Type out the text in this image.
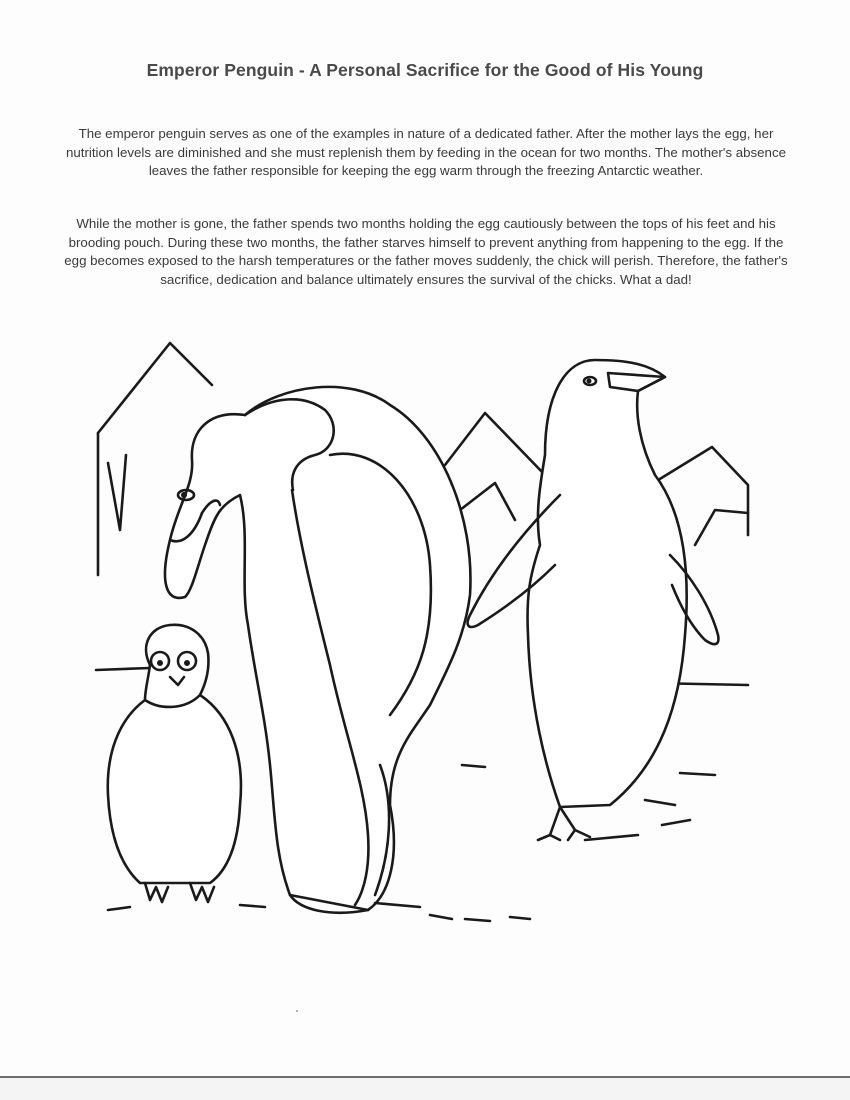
Emperor Penguin - A Personal Sacrifice for the Good of His Young

The emperor penguin serves as one of the examples in nature of a dedicated father. After the mother lays the egg, her nutrition levels are diminished and she must replenish them by feeding in the ocean for two months. The mother's absence leaves the father responsible for keeping the egg warm through the freezing Antarctic weather.

While the mother is gone, the father spends two months holding the egg cautiously between the tops of his feet and his brooding pouch. During these two months, the father starves himself to prevent anything from happening to the egg. If the egg becomes exposed to the harsh temperatures or the father moves suddenly, the chick will perish. Therefore, the father's sacrifice, dedication and balance ultimately ensures the survival of the chicks. What a dad!
